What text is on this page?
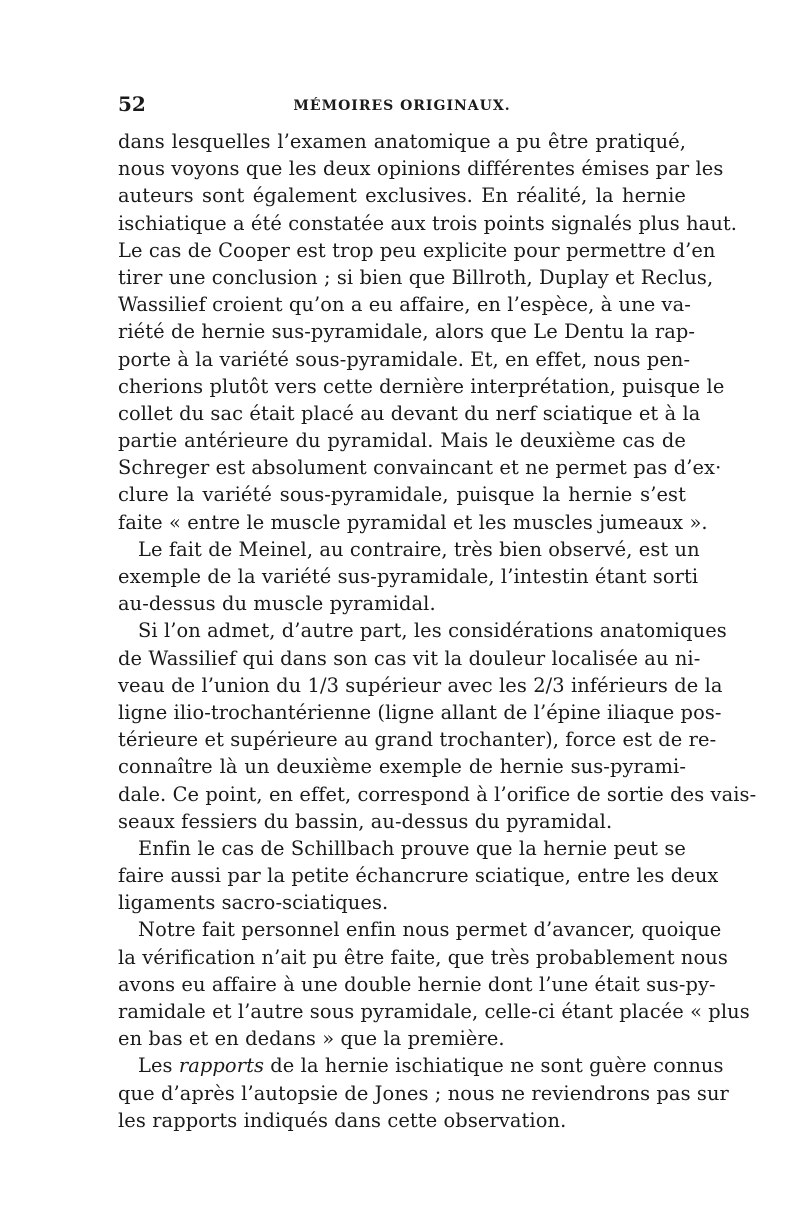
52	MÉMOIRES ORIGINAUX.
dans lesquelles l’examen anatomique a pu être pratiqué,
nous voyons que les deux opinions différentes émises par les
auteurs sont également exclusives. En réalité, la hernie
ischiatique a été constatée aux trois points signalés plus haut.
Le cas de Cooper est trop peu explicite pour permettre d’en
tirer une conclusion ; si bien que Billroth, Duplay et Reclus,
Wassilief croient qu’on a eu affaire, en l’espèce, à une va-
riété de hernie sus-pyramidale, alors que Le Dentu la rap-
porte à la variété sous-pyramidale. Et, en effet, nous pen-
cherions plutôt vers cette dernière interprétation, puisque le
collet du sac était placé au devant du nerf sciatique et à la
partie antérieure du pyramidal. Mais le deuxième cas de
Schreger est absolument convaincant et ne permet pas d’ex·
clure la variété sous-pyramidale, puisque la hernie s’est
faite « entre le muscle pyramidal et les muscles jumeaux ».
Le fait de Meinel, au contraire, très bien observé, est un
exemple de la variété sus-pyramidale, l’intestin étant sorti
au-dessus du muscle pyramidal.
Si l’on admet, d’autre part, les considérations anatomiques
de Wassilief qui dans son cas vit la douleur localisée au ni-
veau de l’union du 1/3 supérieur avec les 2/3 inférieurs de la
ligne ilio-trochantérienne (ligne allant de l’épine iliaque pos-
térieure et supérieure au grand trochanter), force est de re-
connaître là un deuxième exemple de hernie sus-pyrami-
dale. Ce point, en effet, correspond à l’orifice de sortie des vais-
seaux fessiers du bassin, au-dessus du pyramidal.
Enfin le cas de Schillbach prouve que la hernie peut se
faire aussi par la petite échancrure sciatique, entre les deux
ligaments sacro-sciatiques.
Notre fait personnel enfin nous permet d’avancer, quoique
la vérification n’ait pu être faite, que très probablement nous
avons eu affaire à une double hernie dont l’une était sus-py-
ramidale et l’autre sous pyramidale, celle-ci étant placée « plus
en bas et en dedans » que la première.
Les rapports de la hernie ischiatique ne sont guère connus
que d’après l’autopsie de Jones ; nous ne reviendrons pas sur
les rapports indiqués dans cette observation.
